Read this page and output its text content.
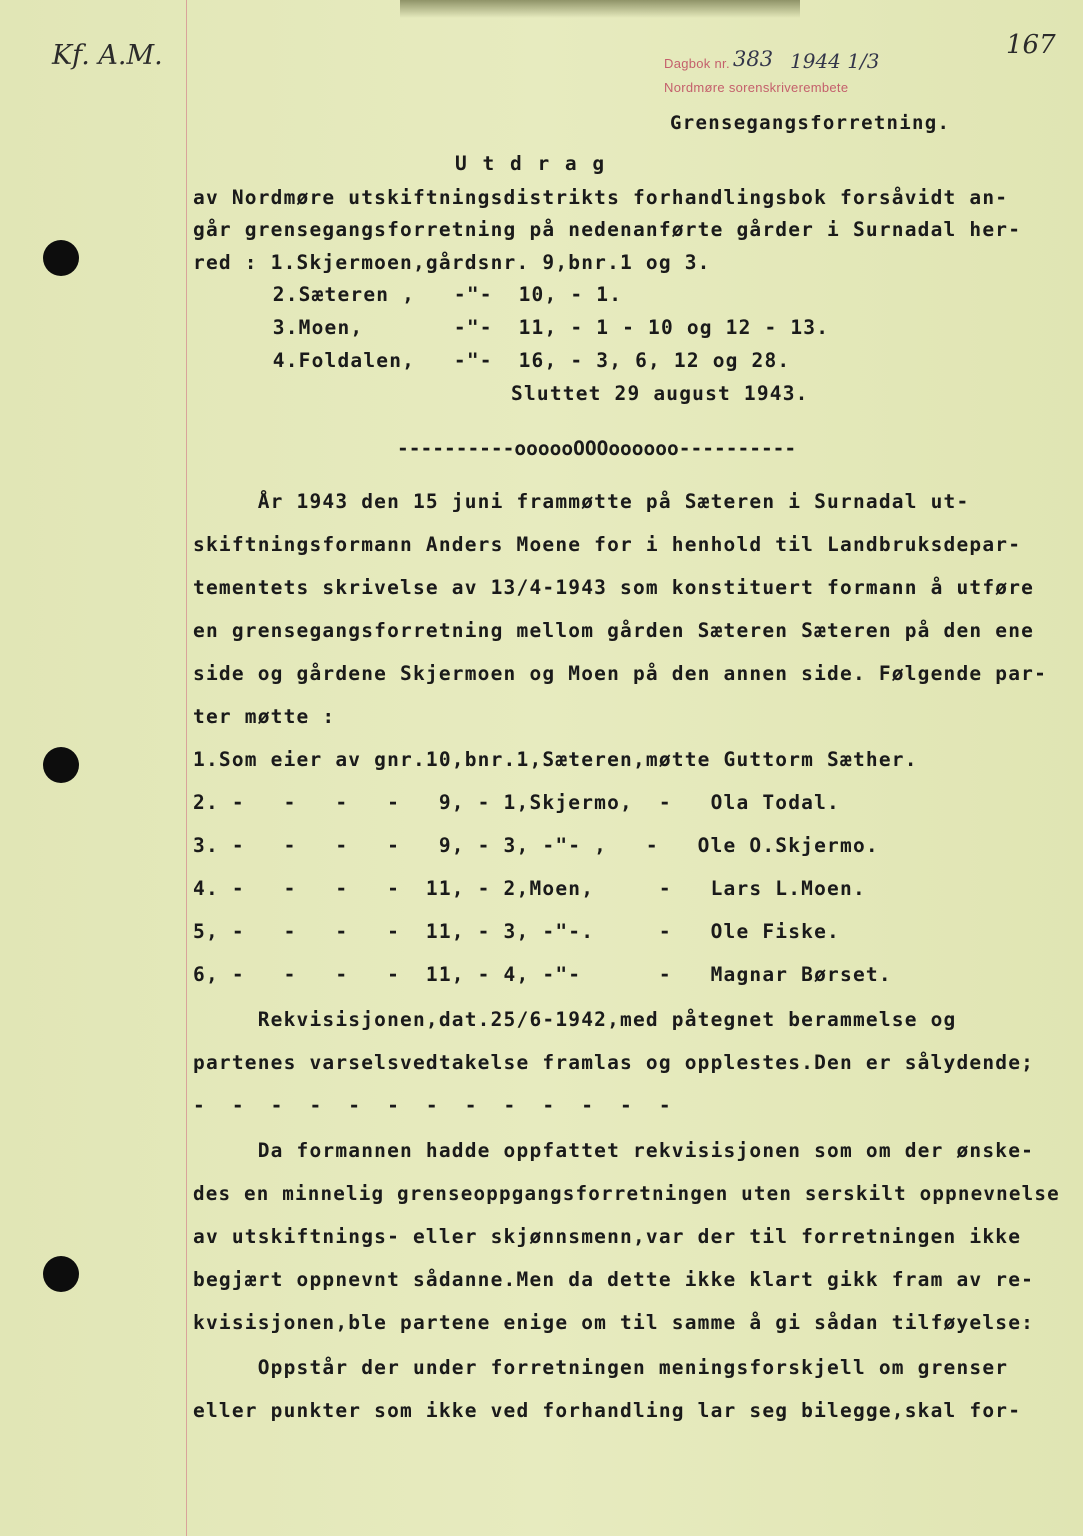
Kf. A.M.	167
Dagbok nr. 383 1944 1/3
Nordmøre sorenskriverembete
Grensegangsforretning.
U t d r a g
av Nordmøre utskiftningsdistrikts forhandlingsbok forsåvidt an-
går grensegangsforretning på nedenanførte gårder i Surnadal her-
red : 1.Skjermoen,gårdsnr. 9,bnr.1 og 3.
2.Sæteren ,   -"-  10, - 1.
3.Moen,       -"-  11, - 1 - 10 og 12 - 13.
4.Foldalen,   -"-  16, - 3, 6, 12 og 28.
Sluttet 29 august 1943.
----------oooooOOOoooooo----------
År 1943 den 15 juni frammøtte på Sæteren i Surnadal ut-
skiftningsformann Anders Moene for i henhold til Landbruksdepar-
tementets skrivelse av 13/4-1943 som konstituert formann å utføre
en grensegangsforretning mellom gården Sæteren Sæteren på den ene
side og gårdene Skjermoen og Moen på den annen side. Følgende par-
ter møtte :
1.Som eier av gnr.10,bnr.1,Sæteren,møtte Guttorm Sæther.
2. -   -   -   -   9, - 1,Skjermo,  -   Ola Todal.
3. -   -   -   -   9, - 3, -"- ,   -   Ole O.Skjermo.
4. -   -   -   -  11, - 2,Moen,     -   Lars L.Moen.
5, -   -   -   -  11, - 3, -"-.     -   Ole Fiske.
6, -   -   -   -  11, - 4, -"-      -   Magnar Børset.
Rekvisisjonen,dat.25/6-1942,med påtegnet berammelse og
partenes varselsvedtakelse framlas og opplestes.Den er sålydende;
-  -  -  -  -  -  -  -  -  -  -  -  -
Da formannen hadde oppfattet rekvisisjonen som om der ønske-
des en minnelig grenseoppgangsforretningen uten serskilt oppnevnelse
av utskiftnings- eller skjønnsmenn,var der til forretningen ikke
begjært oppnevnt sådanne.Men da dette ikke klart gikk fram av re-
kvisisjonen,ble partene enige om til samme å gi sådan tilføyelse:
Oppstår der under forretningen meningsforskjell om grenser
eller punkter som ikke ved forhandling lar seg bilegge,skal for-
